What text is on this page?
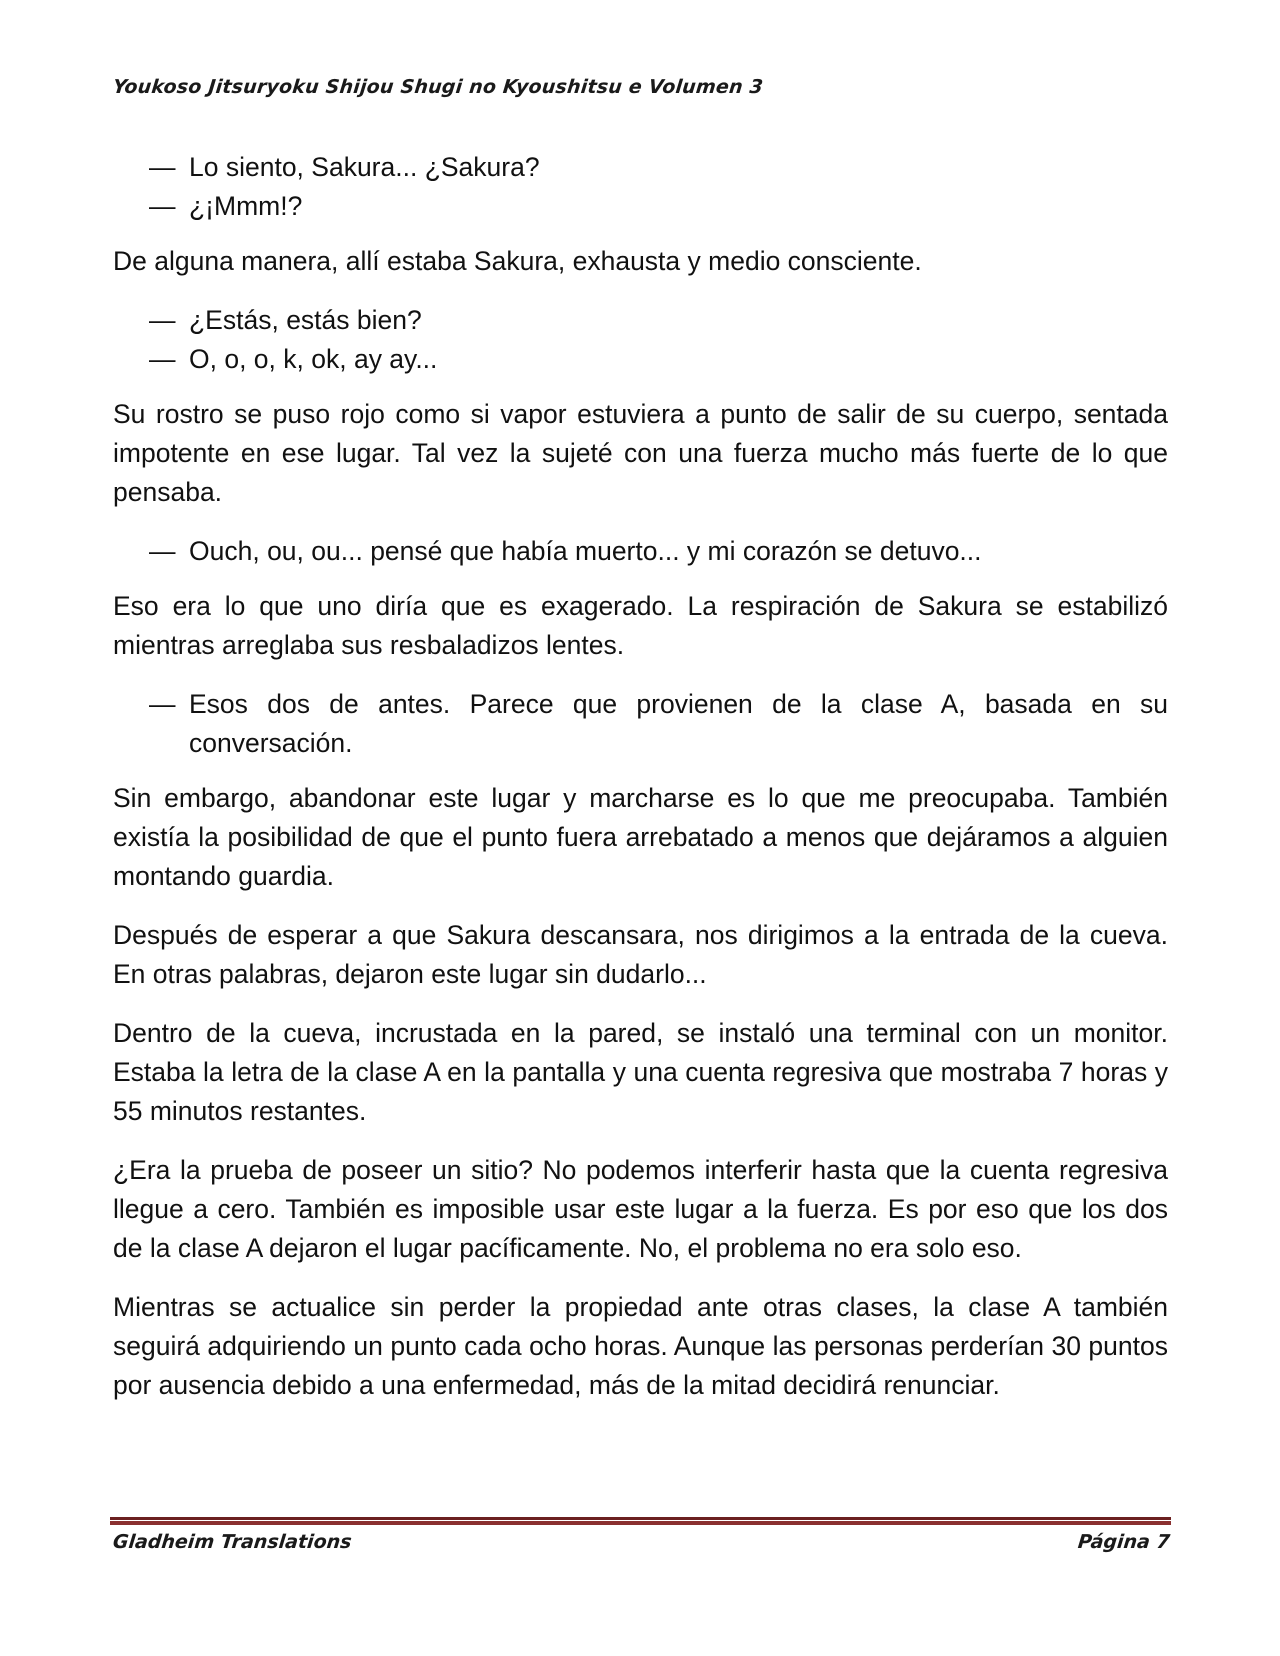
Youkoso Jitsuryoku Shijou Shugi no Kyoushitsu e Volumen 3
— Lo siento, Sakura... ¿Sakura?
— ¿¡Mmm!?

De alguna manera, allí estaba Sakura, exhausta y medio consciente.

— ¿Estás, estás bien?
— O, o, o, k, ok, ay ay...

Su rostro se puso rojo como si vapor estuviera a punto de salir de su cuerpo, sentada impotente en ese lugar. Tal vez la sujeté con una fuerza mucho más fuerte de lo que pensaba.

— Ouch, ou, ou... pensé que había muerto... y mi corazón se detuvo...

Eso era lo que uno diría que es exagerado. La respiración de Sakura se estabilizó mientras arreglaba sus resbaladizos lentes.

— Esos dos de antes. Parece que provienen de la clase A, basada en su conversación.

Sin embargo, abandonar este lugar y marcharse es lo que me preocupaba. También existía la posibilidad de que el punto fuera arrebatado a menos que dejáramos a alguien montando guardia.

Después de esperar a que Sakura descansara, nos dirigimos a la entrada de la cueva. En otras palabras, dejaron este lugar sin dudarlo...

Dentro de la cueva, incrustada en la pared, se instaló una terminal con un monitor. Estaba la letra de la clase A en la pantalla y una cuenta regresiva que mostraba 7 horas y 55 minutos restantes.

¿Era la prueba de poseer un sitio? No podemos interferir hasta que la cuenta regresiva llegue a cero. También es imposible usar este lugar a la fuerza. Es por eso que los dos de la clase A dejaron el lugar pacíficamente. No, el problema no era solo eso.

Mientras se actualice sin perder la propiedad ante otras clases, la clase A también seguirá adquiriendo un punto cada ocho horas. Aunque las personas perderían 30 puntos por ausencia debido a una enfermedad, más de la mitad decidirá renunciar.

Gladheim Translations	Página 7
